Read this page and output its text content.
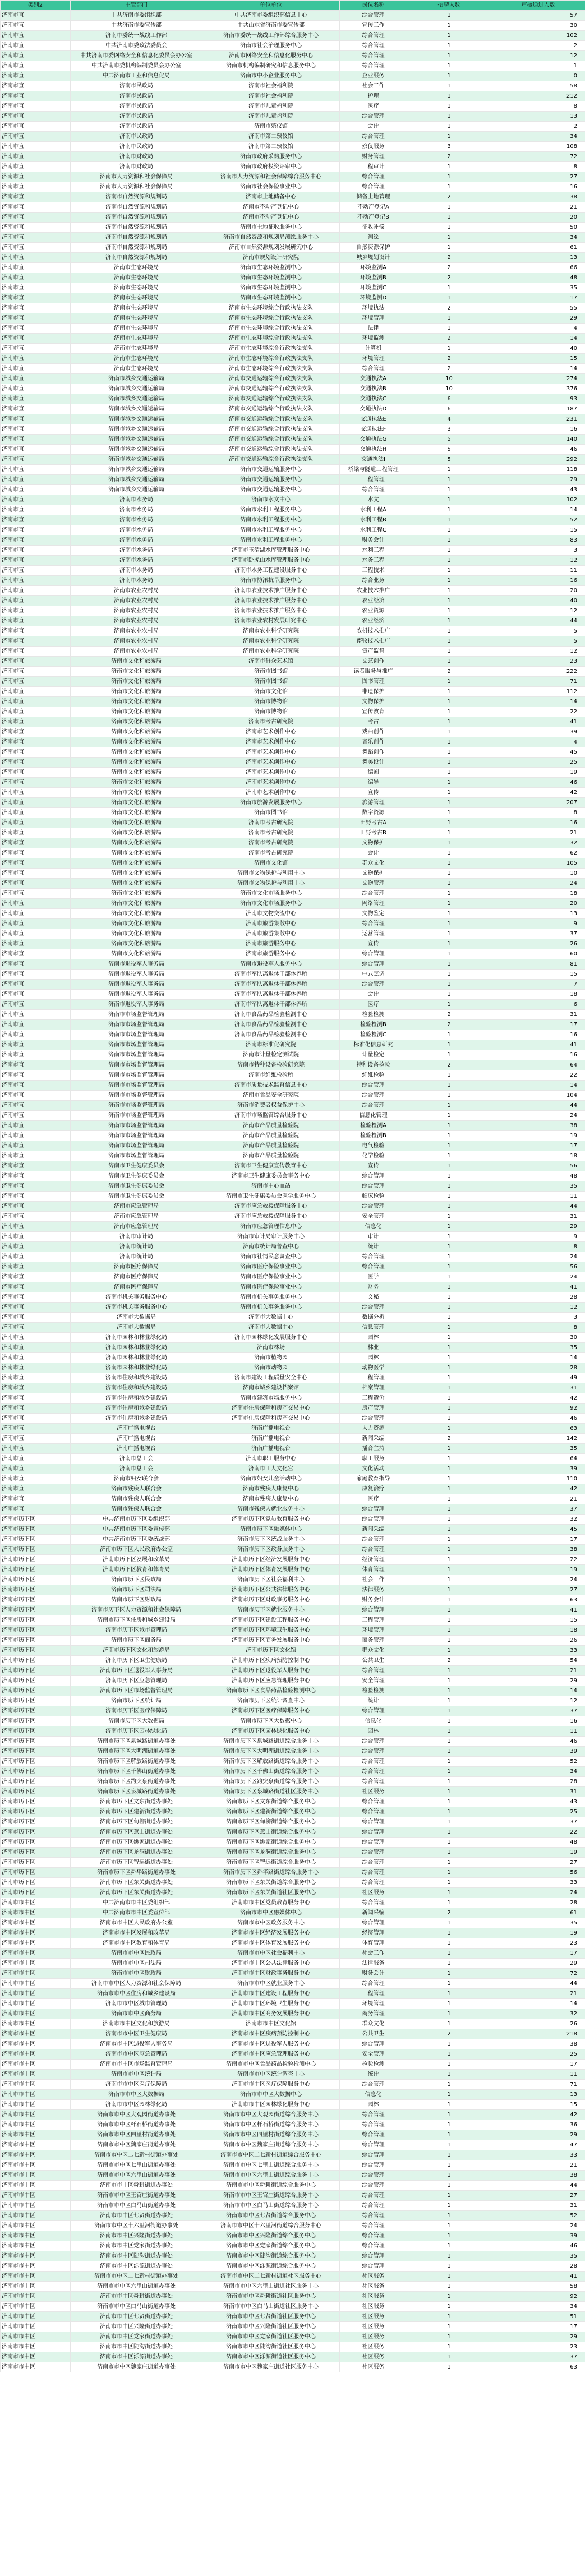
类别2	主管部门	单位单位	岗位名称	招聘人数	审核通过人数
济南市直	中共济南市委组织部	中共济南市委组织部信息中心	综合管理	1	57
济南市直	中共济南市委宣传部	中共山东省济南市委宣传部	宣传工作	1	30
济南市直	济南市委统一战线工作部	济南市委统一战线工作部综合服务中心	综合管理	1	102
济南市直	中共济南市委政法委员会	济南市社会治理服务中心	综合管理	1	2
济南市直	中共济南市委网络安全和信息化委员会办公室	济南市网络安全和信息化服务中心	综合管理	1	12
济南市直	中共济南市委机构编制委员会办公室	济南市机构编制研究和信息服务中心	综合管理	1	1
济南市直	中共济南市工业和信息化局	济南市中小企业服务中心	企业服务	1	0
济南市直	济南市民政局	济南市社会福利院	社会工作	1	58
济南市直	济南市民政局	济南市社会福利院	护理	1	212
济南市直	济南市民政局	济南市儿童福利院	医疗	1	8
济南市直	济南市民政局	济南市儿童福利院	综合管理	1	13
济南市直	济南市民政局	济南市殡仪馆	会计	1	2
济南市直	济南市民政局	济南市第二殡仪馆	综合管理	1	34
济南市直	济南市民政局	济南市第二殡仪馆	殡仪服务	3	108
济南市直	济南市财政局	济南市政府采购服务中心	财务管理	2	72
济南市直	济南市财政局	济南市政府投资评审中心	工程审计	1	8
济南市直	济南市人力资源和社会保障局	济南市人力资源和社会保障综合服务中心	综合管理	1	27
济南市直	济南市人力资源和社会保障局	济南市社会保险事业中心	综合管理	1	16
济南市直	济南市自然资源和规划局	济南市土地储备中心	储备土地管理	2	38
济南市直	济南市自然资源和规划局	济南市不动产登记中心	不动产登记A	1	21
济南市直	济南市自然资源和规划局	济南市不动产登记中心	不动产登记B	1	20
济南市直	济南市自然资源和规划局	济南市土地征收服务中心	征收补偿	1	50
济南市直	济南市自然资源和规划局	济南市自然资源和规划局测绘服务中心	测绘	1	34
济南市直	济南市自然资源和规划局	济南市自然资源规划发展研究中心	自然资源保护	1	61
济南市直	济南市自然资源和规划局	济南市规划设计研究院	城乡规划设计	2	13
济南市直	济南市生态环境局	济南市生态环境监测中心	环境监测A	2	66
济南市直	济南市生态环境局	济南市生态环境监测中心	环境监测B	2	48
济南市直	济南市生态环境局	济南市生态环境监测中心	环境监测C	1	35
济南市直	济南市生态环境局	济南市生态环境监测中心	环境监测D	1	17
济南市直	济南市生态环境局	济南市生态环境综合行政执法支队	环境执法	2	55
济南市直	济南市生态环境局	济南市生态环境综合行政执法支队	环境管理	1	29
济南市直	济南市生态环境局	济南市生态环境综合行政执法支队	法律	1	4
济南市直	济南市生态环境局	济南市生态环境综合行政执法支队	环境监测	2	14
济南市直	济南市生态环境局	济南市生态环境综合行政执法支队	计算机	1	40
济南市直	济南市生态环境局	济南市生态环境综合行政执法支队	环境管理	2	15
济南市直	济南市生态环境局	济南市生态环境综合行政执法支队	综合管理	2	14
济南市直	济南市城乡交通运输局	济南市交通运输综合行政执法支队	交通执法A	10	274
济南市直	济南市城乡交通运输局	济南市交通运输综合行政执法支队	交通执法B	10	376
济南市直	济南市城乡交通运输局	济南市交通运输综合行政执法支队	交通执法C	6	93
济南市直	济南市城乡交通运输局	济南市交通运输综合行政执法支队	交通执法D	6	187
济南市直	济南市城乡交通运输局	济南市交通运输综合行政执法支队	交通执法E	4	231
济南市直	济南市城乡交通运输局	济南市交通运输综合行政执法支队	交通执法F	3	16
济南市直	济南市城乡交通运输局	济南市交通运输综合行政执法支队	交通执法G	5	140
济南市直	济南市城乡交通运输局	济南市交通运输综合行政执法支队	交通执法H	5	46
济南市直	济南市城乡交通运输局	济南市交通运输综合行政执法支队	交通执法I	5	292
济南市直	济南市城乡交通运输局	济南市交通运输服务中心	桥梁与隧道工程管理	1	118
济南市直	济南市城乡交通运输局	济南市交通运输服务中心	工程管理	1	29
济南市直	济南市城乡交通运输局	济南市交通运输服务中心	综合管理	1	43
济南市直	济南市水务局	济南市水文中心	水文	1	102
济南市直	济南市水务局	济南市水利工程服务中心	水利工程A	1	14
济南市直	济南市水务局	济南市水利工程服务中心	水利工程B	1	52
济南市直	济南市水务局	济南市水利工程服务中心	水利工程C	1	15
济南市直	济南市水务局	济南市水利工程服务中心	财务会计	1	83
济南市直	济南市水务局	济南市玉清湖水库管理服务中心	水利工程	1	3
济南市直	济南市水务局	济南市卧虎山水库管理服务中心	水务工程	1	12
济南市直	济南市水务局	济南市水务工程建设服务中心	工程技术	1	11
济南市直	济南市水务局	济南市防汛抗旱服务中心	综合业务	1	16
济南市直	济南市农业农村局	济南市农业技术推广服务中心	农业技术推广	1	20
济南市直	济南市农业农村局	济南市农业技术推广服务中心	农业经济	1	40
济南市直	济南市农业农村局	济南市农业技术推广服务中心	农业资源	1	12
济南市直	济南市农业农村局	济南市农业农村发展研究中心	农业经济	1	44
济南市直	济南市农业农村局	济南市农业科学研究院	农机技术推广	1	5
济南市直	济南市农业农村局	济南市农业科学研究院	畜牧技术推广	1	5
济南市直	济南市农业农村局	济南市农业科学研究院	资产监督	1	12
济南市直	济南市文化和旅游局	济南市群众艺术馆	文艺创作	1	23
济南市直	济南市文化和旅游局	济南市图书馆	读者服务与推广	2	222
济南市直	济南市文化和旅游局	济南市图书馆	图书管理	1	71
济南市直	济南市文化和旅游局	济南市文化馆	非遗保护	1	112
济南市直	济南市文化和旅游局	济南市博物馆	文物保护	1	14
济南市直	济南市文化和旅游局	济南市博物馆	宣传教育	1	22
济南市直	济南市文化和旅游局	济南市考古研究院	考古	1	41
济南市直	济南市文化和旅游局	济南市艺术创作中心	戏曲创作	1	39
济南市直	济南市文化和旅游局	济南市艺术创作中心	音乐创作	1	4
济南市直	济南市文化和旅游局	济南市艺术创作中心	舞蹈创作	1	45
济南市直	济南市文化和旅游局	济南市艺术创作中心	舞美设计	1	25
济南市直	济南市文化和旅游局	济南市艺术创作中心	编剧	1	19
济南市直	济南市文化和旅游局	济南市艺术创作中心	编导	1	46
济南市直	济南市文化和旅游局	济南市艺术创作中心	宣传	1	42
济南市直	济南市文化和旅游局	济南市旅游发展服务中心	旅游管理	1	207
济南市直	济南市文化和旅游局	济南市图书馆	数字资源	1	8
济南市直	济南市文化和旅游局	济南市考古研究院	田野考古A	1	16
济南市直	济南市文化和旅游局	济南市考古研究院	田野考古B	1	21
济南市直	济南市文化和旅游局	济南市考古研究院	文物保护	1	32
济南市直	济南市文化和旅游局	济南市考古研究院	会计	1	62
济南市直	济南市文化和旅游局	济南市文化馆	群众文化	1	105
济南市直	济南市文化和旅游局	济南市文物保护与利用中心	文物保护	1	10
济南市直	济南市文化和旅游局	济南市文物保护与利用中心	文物管理	1	24
济南市直	济南市文化和旅游局	济南市文化市场服务中心	综合管理	1	18
济南市直	济南市文化和旅游局	济南市文化市场服务中心	网络管理	1	20
济南市直	济南市文化和旅游局	济南市文物交流中心	文物鉴定	1	13
济南市直	济南市文化和旅游局	济南市旅游集散中心	综合管理	1	9
济南市直	济南市文化和旅游局	济南市旅游集散中心	运营管理	1	37
济南市直	济南市文化和旅游局	济南市旅游服务中心	宣传	1	26
济南市直	济南市文化和旅游局	济南市旅游服务中心	综合管理	1	60
济南市直	济南市退役军人事务局	济南市退役军人服务中心	综合管理	1	81
济南市直	济南市退役军人事务局	济南市军队离退休干部休养所	中式烹调	1	15
济南市直	济南市退役军人事务局	济南市军队离退休干部休养所	综合管理	1	7
济南市直	济南市退役军人事务局	济南市军队离退休干部休养所	会计	1	18
济南市直	济南市退役军人事务局	济南市军队离退休干部休养所	医疗	1	6
济南市直	济南市市场监督管理局	济南市食品药品检验检测中心	检验检测	2	31
济南市直	济南市市场监督管理局	济南市食品药品检验检测中心	检验检测B	2	17
济南市直	济南市市场监督管理局	济南市食品药品检验检测中心	检验检测C	1	16
济南市直	济南市市场监督管理局	济南市标准化研究院	标准化信息研究	1	41
济南市直	济南市市场监督管理局	济南市计量检定测试院	计量检定	1	16
济南市直	济南市市场监督管理局	济南市特种设备检验研究院	特种设备检验	2	64
济南市直	济南市市场监督管理局	济南市纤维检验所	纤维检验	1	22
济南市直	济南市市场监督管理局	济南市质量技术监督信息中心	综合管理	1	14
济南市直	济南市市场监督管理局	济南市食品安全研究院	综合管理	1	104
济南市直	济南市市场监督管理局	济南市消费者权益保护中心	综合管理	1	44
济南市直	济南市市场监督管理局	济南市市场监管综合服务中心	信息化管理	1	24
济南市直	济南市市场监督管理局	济南市产品质量检验院	检验检测A	1	38
济南市直	济南市市场监督管理局	济南市产品质量检验院	检验检测B	1	19
济南市直	济南市市场监督管理局	济南市产品质量检验院	电气检验	1	17
济南市直	济南市市场监督管理局	济南市产品质量检验院	化学检验	1	18
济南市直	济南市卫生健康委员会	济南市卫生健康宣传教育中心	宣传	1	56
济南市直	济南市卫生健康委员会	济南市卫生健康委员会事务中心	综合管理	1	48
济南市直	济南市卫生健康委员会	济南市中心血站	综合管理	1	35
济南市直	济南市卫生健康委员会	济南市卫生健康委员会医学服务中心	临床检验	1	11
济南市直	济南市应急管理局	济南市应急救援保障服务中心	综合管理	1	44
济南市直	济南市应急管理局	济南市应急救援保障服务中心	安全管理	1	31
济南市直	济南市应急管理局	济南市应急管理信息中心	信息化	1	29
济南市直	济南市审计局	济南市审计局审计服务中心	审计	1	9
济南市直	济南市统计局	济南市统计局普查中心	统计	1	8
济南市直	济南市统计局	济南市社情民意调查中心	综合管理	1	24
济南市直	济南市医疗保障局	济南市医疗保险事业中心	综合管理	1	56
济南市直	济南市医疗保障局	济南市医疗保险事业中心	医学	1	24
济南市直	济南市医疗保障局	济南市医疗保险事业中心	财务	1	41
济南市直	济南市机关事务服务中心	济南市机关事务服务中心	文秘	1	28
济南市直	济南市机关事务服务中心	济南市机关事务服务中心	综合管理	1	12
济南市直	济南市大数据局	济南市大数据中心	数据分析	1	3
济南市直	济南市大数据局	济南市大数据中心	信息管理	1	8
济南市直	济南市园林和林业绿化局	济南市园林绿化发展服务中心	园林	1	30
济南市直	济南市园林和林业绿化局	济南市林场	林业	1	35
济南市直	济南市园林和林业绿化局	济南市植物园	园林	1	14
济南市直	济南市园林和林业绿化局	济南市动物园	动物医学	1	28
济南市直	济南市住房和城乡建设局	济南市建设工程质量安全中心	工程管理	1	49
济南市直	济南市住房和城乡建设局	济南市城乡建设档案馆	档案管理	1	31
济南市直	济南市住房和城乡建设局	济南市建筑市场服务中心	工程造价	1	42
济南市直	济南市住房和城乡建设局	济南市住房保障和房产交易中心	房产管理	1	92
济南市直	济南市住房和城乡建设局	济南市住房保障和房产交易中心	综合管理	1	46
济南市直	济南广播电视台	济南广播电视台	人力资源	1	63
济南市直	济南广播电视台	济南广播电视台	新闻采编	2	142
济南市直	济南广播电视台	济南广播电视台	播音主持	1	35
济南市直	济南市总工会	济南市职工服务中心	职工服务	1	64
济南市直	济南市总工会	济南市工人文化宫	文化活动	1	39
济南市直	济南市妇女联合会	济南市妇女儿童活动中心	家庭教育指导	1	110
济南市直	济南市残疾人联合会	济南市残疾人康复中心	康复治疗	1	42
济南市直	济南市残疾人联合会	济南市残疾人康复中心	医疗	1	21
济南市直	济南市残疾人联合会	济南市残疾人就业服务中心	综合管理	1	37
济南市历下区	中共济南市历下区委组织部	济南市历下区党员教育服务中心	综合管理	1	32
济南市历下区	中共济南市历下区委宣传部	济南市历下区融媒体中心	新闻采编	1	45
济南市历下区	中共济南市历下区委统战部	济南市历下区统战服务中心	综合管理	1	17
济南市历下区	济南市历下区人民政府办公室	济南市历下区政务服务中心	综合管理	1	38
济南市历下区	济南市历下区发展和改革局	济南市历下区经济发展服务中心	经济管理	1	22
济南市历下区	济南市历下区教育和体育局	济南市历下区体育发展服务中心	体育管理	1	19
济南市历下区	济南市历下区民政局	济南市历下区社会福利中心	社会工作	1	24
济南市历下区	济南市历下区司法局	济南市历下区公共法律服务中心	法律服务	1	27
济南市历下区	济南市历下区财政局	济南市历下区财政事务服务中心	财务会计	1	63
济南市历下区	济南市历下区人力资源和社会保障局	济南市历下区就业服务中心	综合管理	1	41
济南市历下区	济南市历下区住房和城乡建设局	济南市历下区建设工程服务中心	工程管理	1	15
济南市历下区	济南市历下区城市管理局	济南市历下区环境卫生服务中心	环境管理	1	18
济南市历下区	济南市历下区商务局	济南市历下区商务发展服务中心	商务管理	1	26
济南市历下区	济南市历下区文化和旅游局	济南市历下区文化馆	群众文化	1	33
济南市历下区	济南市历下区卫生健康局	济南市历下区疾病预防控制中心	公共卫生	2	54
济南市历下区	济南市历下区退役军人事务局	济南市历下区退役军人服务中心	综合管理	1	21
济南市历下区	济南市历下区应急管理局	济南市历下区应急管理服务中心	安全管理	1	29
济南市历下区	济南市历下区市场监督管理局	济南市历下区食品药品检验检测中心	检验检测	1	14
济南市历下区	济南市历下区统计局	济南市历下区统计调查中心	统计	1	12
济南市历下区	济南市历下区医疗保障局	济南市历下区医疗保障服务中心	综合管理	1	37
济南市历下区	济南市历下区大数据局	济南市历下区大数据中心	信息化	1	16
济南市历下区	济南市历下区园林绿化局	济南市历下区园林绿化服务中心	园林	1	11
济南市历下区	济南市历下区泉城路街道办事处	济南市历下区泉城路街道综合服务中心	综合管理	1	46
济南市历下区	济南市历下区大明湖街道办事处	济南市历下区大明湖街道综合服务中心	综合管理	1	39
济南市历下区	济南市历下区解放路街道办事处	济南市历下区解放路街道综合服务中心	综合管理	1	52
济南市历下区	济南市历下区千佛山街道办事处	济南市历下区千佛山街道综合服务中心	综合管理	1	34
济南市历下区	济南市历下区趵突泉街道办事处	济南市历下区趵突泉街道综合服务中心	综合管理	1	28
济南市历下区	济南市历下区泉城路街道办事处	济南市历下区泉城路街道社区服务中心	社区服务	1	31
济南市历下区	济南市历下区文东街道办事处	济南市历下区文东街道综合服务中心	综合管理	1	43
济南市历下区	济南市历下区建新街道办事处	济南市历下区建新街道综合服务中心	综合管理	1	25
济南市历下区	济南市历下区甸柳街道办事处	济南市历下区甸柳街道综合服务中心	综合管理	1	37
济南市历下区	济南市历下区燕山街道办事处	济南市历下区燕山街道综合服务中心	综合管理	1	22
济南市历下区	济南市历下区姚家街道办事处	济南市历下区姚家街道综合服务中心	综合管理	1	48
济南市历下区	济南市历下区龙洞街道办事处	济南市历下区龙洞街道综合服务中心	综合管理	1	19
济南市历下区	济南市历下区智远街道办事处	济南市历下区智远街道综合服务中心	综合管理	1	27
济南市历下区	济南市历下区舜华路街道办事处	济南市历下区舜华路街道综合服务中心	综合管理	1	56
济南市历下区	济南市历下区东关街道办事处	济南市历下区东关街道综合服务中心	综合管理	1	33
济南市历下区	济南市历下区东关街道办事处	济南市历下区东关街道社区服务中心	社区服务	1	24
济南市市中区	中共济南市市中区委组织部	济南市市中区党员教育服务中心	综合管理	1	28
济南市市中区	中共济南市市中区委宣传部	济南市市中区融媒体中心	新闻采编	2	61
济南市市中区	济南市市中区人民政府办公室	济南市市中区政务服务中心	综合管理	1	35
济南市市中区	济南市市中区发展和改革局	济南市市中区经济发展服务中心	经济管理	1	19
济南市市中区	济南市市中区教育和体育局	济南市市中区体育发展服务中心	体育管理	1	23
济南市市中区	济南市市中区民政局	济南市市中区社会福利中心	社会工作	1	17
济南市市中区	济南市市中区司法局	济南市市中区公共法律服务中心	法律服务	1	29
济南市市中区	济南市市中区财政局	济南市市中区财政事务服务中心	财务会计	1	72
济南市市中区	济南市市中区人力资源和社会保障局	济南市市中区就业服务中心	综合管理	1	44
济南市市中区	济南市市中区住房和城乡建设局	济南市市中区建设工程服务中心	工程管理	1	21
济南市市中区	济南市市中区城市管理局	济南市市中区环境卫生服务中心	环境管理	1	14
济南市市中区	济南市市中区商务局	济南市市中区商务发展服务中心	商务管理	1	32
济南市市中区	济南市市中区文化和旅游局	济南市市中区文化馆	群众文化	1	26
济南市市中区	济南市市中区卫生健康局	济南市市中区疾病预防控制中心	公共卫生	2	218
济南市市中区	济南市市中区退役军人事务局	济南市市中区退役军人服务中心	综合管理	1	38
济南市市中区	济南市市中区应急管理局	济南市市中区应急管理服务中心	安全管理	1	25
济南市市中区	济南市市中区市场监督管理局	济南市市中区食品药品检验检测中心	检验检测	1	17
济南市市中区	济南市市中区统计局	济南市市中区统计调查中心	统计	1	11
济南市市中区	济南市市中区医疗保障局	济南市市中区医疗保障服务中心	综合管理	1	71
济南市市中区	济南市市中区大数据局	济南市市中区大数据中心	信息化	1	13
济南市市中区	济南市市中区园林绿化局	济南市市中区园林绿化服务中心	园林	1	15
济南市市中区	济南市市中区大观园街道办事处	济南市市中区大观园街道综合服务中心	综合管理	1	42
济南市市中区	济南市市中区杆石桥街道办事处	济南市市中区杆石桥街道综合服务中心	综合管理	1	36
济南市市中区	济南市市中区四里村街道办事处	济南市市中区四里村街道综合服务中心	综合管理	1	29
济南市市中区	济南市市中区魏家庄街道办事处	济南市市中区魏家庄街道综合服务中心	综合管理	1	47
济南市市中区	济南市市中区二七新村街道办事处	济南市市中区二七新村街道综合服务中心	综合管理	1	33
济南市市中区	济南市市中区七里山街道办事处	济南市市中区七里山街道综合服务中心	综合管理	1	21
济南市市中区	济南市市中区六里山街道办事处	济南市市中区六里山街道综合服务中心	综合管理	1	38
济南市市中区	济南市市中区舜耕街道办事处	济南市市中区舜耕街道综合服务中心	综合管理	1	44
济南市市中区	济南市市中区王官庄街道办事处	济南市市中区王官庄街道综合服务中心	综合管理	1	27
济南市市中区	济南市市中区白马山街道办事处	济南市市中区白马山街道综合服务中心	综合管理	1	31
济南市市中区	济南市市中区七贤街道办事处	济南市市中区七贤街道综合服务中心	综合管理	1	52
济南市市中区	济南市市中区十六里河街道办事处	济南市市中区十六里河街道综合服务中心	综合管理	1	24
济南市市中区	济南市市中区兴隆街道办事处	济南市市中区兴隆街道综合服务中心	综合管理	1	39
济南市市中区	济南市市中区党家街道办事处	济南市市中区党家街道综合服务中心	综合管理	1	46
济南市市中区	济南市市中区陡沟街道办事处	济南市市中区陡沟街道综合服务中心	综合管理	1	35
济南市市中区	济南市市中区泺源街道办事处	济南市市中区泺源街道综合服务中心	综合管理	1	28
济南市市中区	济南市市中区二七新村街道办事处	济南市市中区二七新村街道社区服务中心	社区服务	1	41
济南市市中区	济南市市中区六里山街道办事处	济南市市中区六里山街道社区服务中心	社区服务	1	58
济南市市中区	济南市市中区舜耕街道办事处	济南市市中区舜耕街道社区服务中心	社区服务	1	92
济南市市中区	济南市市中区白马山街道办事处	济南市市中区白马山街道社区服务中心	社区服务	1	34
济南市市中区	济南市市中区七贤街道办事处	济南市市中区七贤街道社区服务中心	社区服务	1	51
济南市市中区	济南市市中区兴隆街道办事处	济南市市中区兴隆街道社区服务中心	社区服务	1	17
济南市市中区	济南市市中区党家街道办事处	济南市市中区党家街道社区服务中心	社区服务	1	29
济南市市中区	济南市市中区陡沟街道办事处	济南市市中区陡沟街道社区服务中心	社区服务	1	23
济南市市中区	济南市市中区泺源街道办事处	济南市市中区泺源街道社区服务中心	社区服务	1	37
济南市市中区	济南市市中区魏家庄街道办事处	济南市市中区魏家庄街道社区服务中心	社区服务	1	63
